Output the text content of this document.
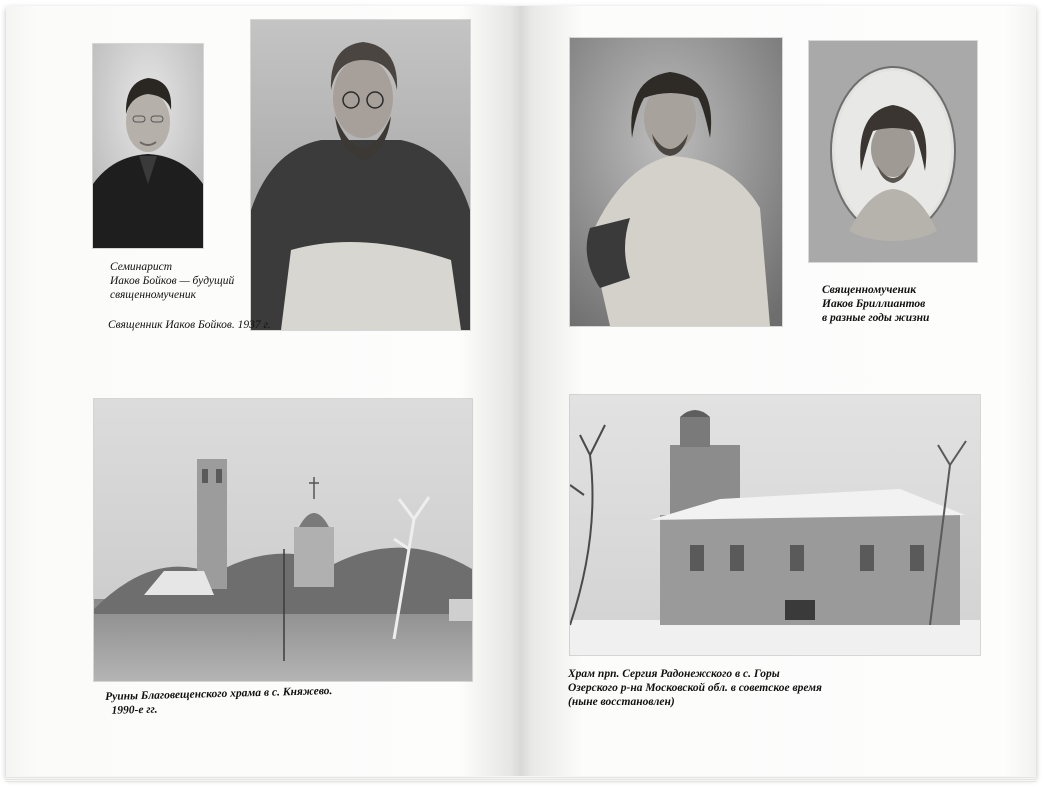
Семинарист
Иаков Бойков — будущий
священномученик
Священник Иаков Бойков. 1937 г.
Руины Благовещенского храма в с. Княжево.
1990-е гг.
Священномученик
Иаков Бриллиантов
в разные годы жизни
Храм прп. Сергия Радонежского в с. Горы
Озерского р-на Московской обл. в советское время
(ныне восстановлен)
